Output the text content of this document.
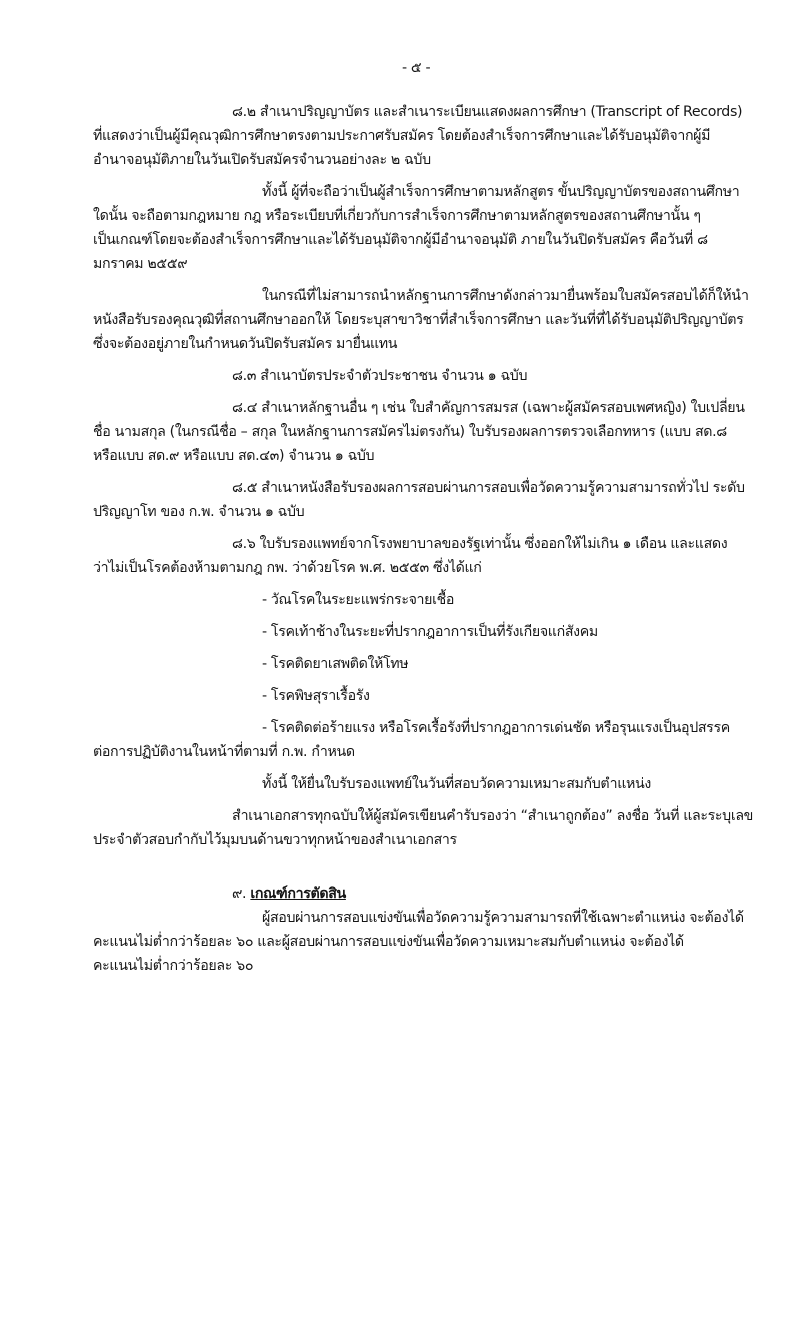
- ๕ -
๘.๒ สำเนาปริญญาบัตร และสำเนาระเบียนแสดงผลการศึกษา (Transcript of Records)
ที่แสดงว่าเป็นผู้มีคุณวุฒิการศึกษาตรงตามประกาศรับสมัคร โดยต้องสำเร็จการศึกษาและได้รับอนุมัติจากผู้มี
อำนาจอนุมัติภายในวันเปิดรับสมัครจำนวนอย่างละ ๒ ฉบับ
ทั้งนี้ ผู้ที่จะถือว่าเป็นผู้สำเร็จการศึกษาตามหลักสูตร ขั้นปริญญาบัตรของสถานศึกษา
ใดนั้น จะถือตามกฎหมาย กฎ หรือระเบียบที่เกี่ยวกับการสำเร็จการศึกษาตามหลักสูตรของสถานศึกษานั้น ๆ
เป็นเกณฑ์โดยจะต้องสำเร็จการศึกษาและได้รับอนุมัติจากผู้มีอำนาจอนุมัติ ภายในวันปิดรับสมัคร คือวันที่ ๘
มกราคม ๒๕๕๙
ในกรณีที่ไม่สามารถนำหลักฐานการศึกษาดังกล่าวมายื่นพร้อมใบสมัครสอบได้ก็ให้นำ
หนังสือรับรองคุณวุฒิที่สถานศึกษาออกให้ โดยระบุสาขาวิชาที่สำเร็จการศึกษา และวันที่ที่ได้รับอนุมัติปริญญาบัตร
ซึ่งจะต้องอยู่ภายในกำหนดวันปิดรับสมัคร มายื่นแทน
๘.๓ สำเนาบัตรประจำตัวประชาชน จำนวน ๑ ฉบับ
๘.๔ สำเนาหลักฐานอื่น ๆ เช่น ใบสำคัญการสมรส (เฉพาะผู้สมัครสอบเพศหญิง) ใบเปลี่ยน
ชื่อ นามสกุล (ในกรณีชื่อ – สกุล ในหลักฐานการสมัครไม่ตรงกัน) ใบรับรองผลการตรวจเลือกทหาร (แบบ สด.๘
หรือแบบ สด.๙ หรือแบบ สด.๔๓) จำนวน ๑ ฉบับ
๘.๕ สำเนาหนังสือรับรองผลการสอบผ่านการสอบเพื่อวัดความรู้ความสามารถทั่วไป ระดับ
ปริญญาโท ของ ก.พ. จำนวน ๑ ฉบับ
๘.๖ ใบรับรองแพทย์จากโรงพยาบาลของรัฐเท่านั้น ซึ่งออกให้ไม่เกิน ๑ เดือน และแสดง
ว่าไม่เป็นโรคต้องห้ามตามกฎ กพ. ว่าด้วยโรค พ.ศ. ๒๕๕๓ ซึ่งได้แก่
- วัณโรคในระยะแพร่กระจายเชื้อ
- โรคเท้าช้างในระยะที่ปรากฎอาการเป็นที่รังเกียจแก่สังคม
- โรคติดยาเสพติดให้โทษ
- โรคพิษสุราเรื้อรัง
- โรคติดต่อร้ายแรง หรือโรคเรื้อรังที่ปรากฎอาการเด่นชัด หรือรุนแรงเป็นอุปสรรค
ต่อการปฏิบัติงานในหน้าที่ตามที่ ก.พ. กำหนด
ทั้งนี้ ให้ยื่นใบรับรองแพทย์ในวันที่สอบวัดความเหมาะสมกับตำแหน่ง
สำเนาเอกสารทุกฉบับให้ผู้สมัครเขียนคำรับรองว่า “สำเนาถูกต้อง” ลงชื่อ วันที่ และระบุเลข
ประจำตัวสอบกำกับไว้มุมบนด้านขวาทุกหน้าของสำเนาเอกสาร
๙. เกณฑ์การตัดสิน
ผู้สอบผ่านการสอบแข่งขันเพื่อวัดความรู้ความสามารถที่ใช้เฉพาะตำแหน่ง จะต้องได้
คะแนนไม่ต่ำกว่าร้อยละ ๖๐ และผู้สอบผ่านการสอบแข่งขันเพื่อวัดความเหมาะสมกับตำแหน่ง จะต้องได้
คะแนนไม่ต่ำกว่าร้อยละ ๖๐
